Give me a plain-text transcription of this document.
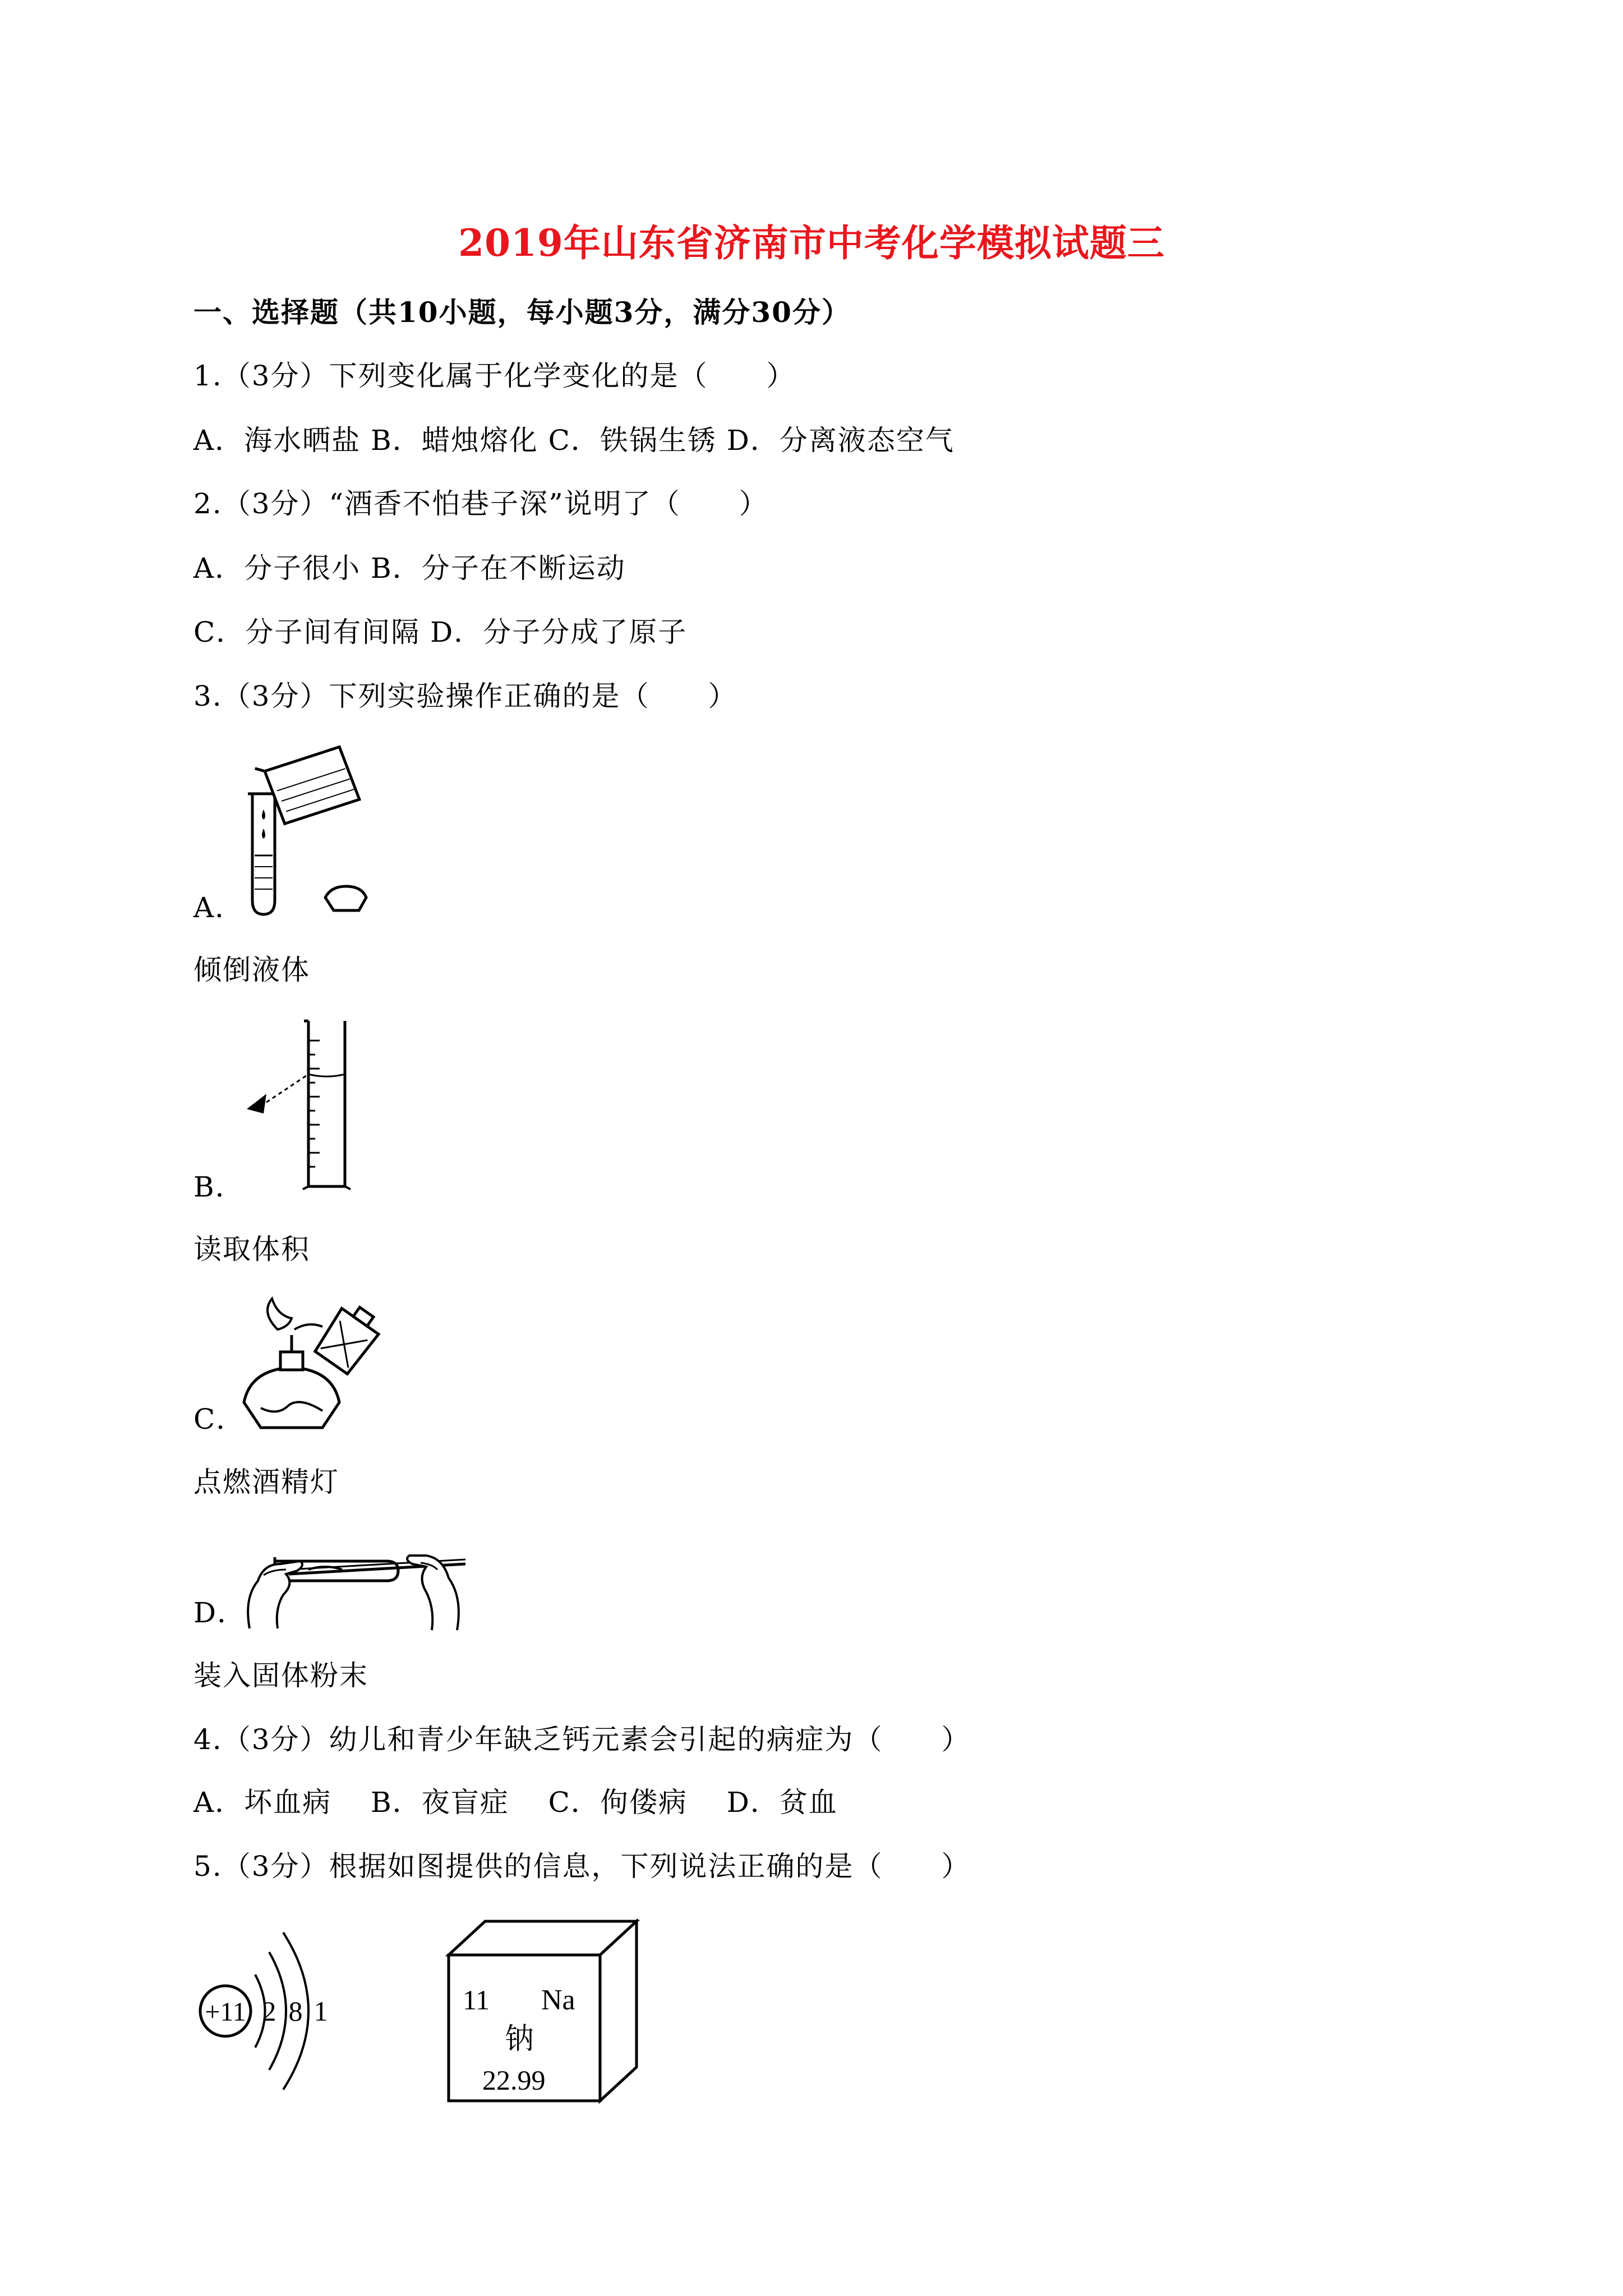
2019年山东省济南市中考化学模拟试题三
一、选择题（共10小题，每小题3分，满分30分）
1.（3分）下列变化属于化学变化的是（　　）
A．海水晒盐 B．蜡烛熔化 C．铁锅生锈 D．分离液态空气
2.（3分）“酒香不怕巷子深”说明了（　　）
A．分子很小 B．分子在不断运动
C．分子间有间隔 D．分子分成了原子
3.（3分）下列实验操作正确的是（　　）
A．
倾倒液体
B．
读取体积
C．
点燃酒精灯
D．
装入固体粉末
4.（3分）幼儿和青少年缺乏钙元素会引起的病症为（　　）
A．坏血病　 B．夜盲症　 C．佝偻病　 D．贫血
5.（3分）根据如图提供的信息，下列说法正确的是（　　）
+11 2 8 1	11 Na
钠
22.99
